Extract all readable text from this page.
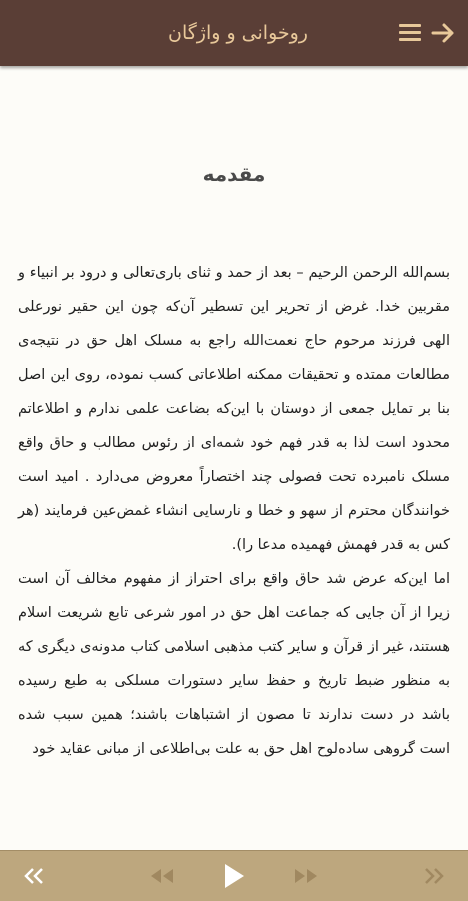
روخوانی و واژگان
مقدمه

بسم‌الله الرحمن الرحیم – بعد از حمد و ثنای باری‌تعالی و درود بر انبیاء و مقربین خدا. غرض از تحریر این تسطیر آن‌که چون این حقیر نورعلی الهی فرزند مرحوم حاج نعمت‌الله راجع به مسلک اهل حق در نتیجه‌ی مطالعات ممتده و تحقیقات ممکنه اطلاعاتی کسب نموده، روی این اصل بنا بر تمایل جمعی از دوستان با این‌که بضاعت علمی ندارم و اطلاعاتم محدود است لذا به قدر فهم خود شمه‌ای از رئوس مطالب و حاق واقع مسلک نامبرده تحت فصولی چند اختصاراً معروض می‌دارد . امید است خوانندگان محترم از سهو و خطا و نارسایی انشاء غمض‌عین فرمایند (هر کس به قدر فهمش فهمیده مدعا را).

اما این‌که عرض شد حاق واقع برای احتراز از مفهوم مخالف آن است زیرا از آن جایی که جماعت اهل حق در امور شرعی تابع شریعت اسلام هستند، غیر از قرآن و سایر کتب مذهبی اسلامی کتاب مدونه‌ی دیگری که به منظور ضبط تاریخ و حفظ سایر دستورات مسلکی به طبع رسیده باشد در دست ندارند تا مصون از اشتباهات باشند؛ همین سبب شده است گروهی ساده‌لوح اهل حق به علت بی‌اطلاعی از مبانی عقاید خود
